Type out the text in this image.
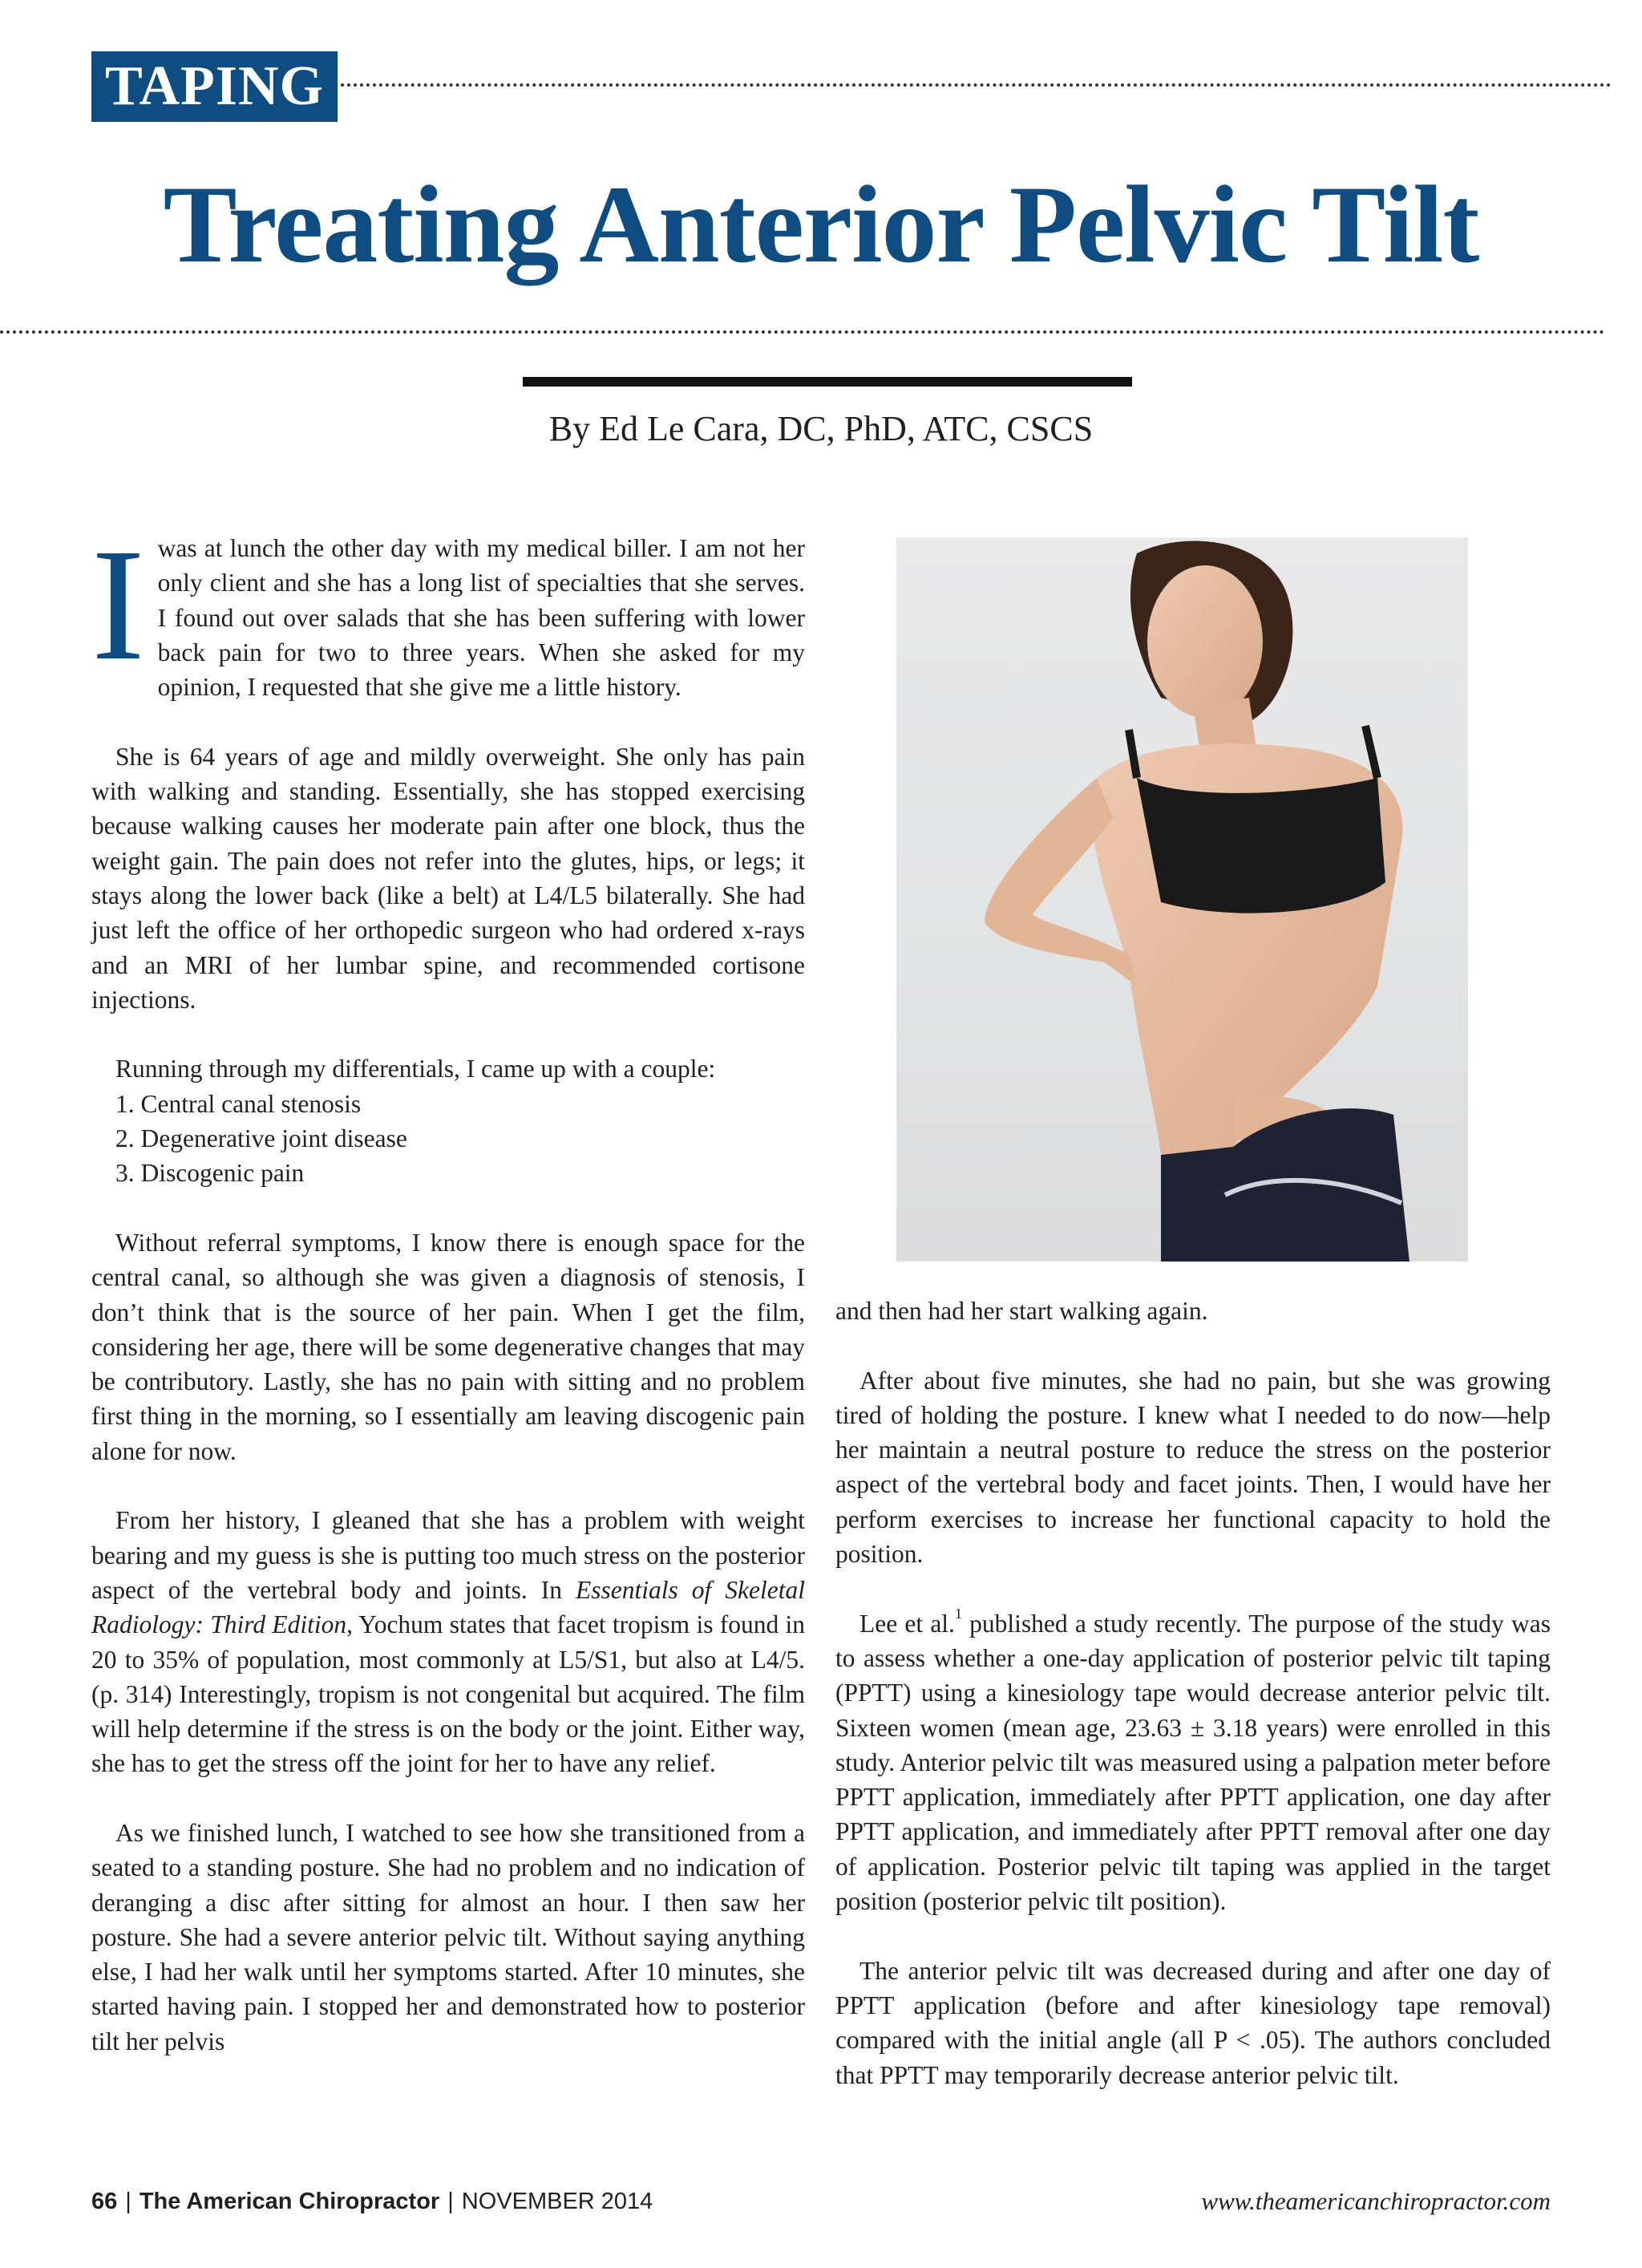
TAPING
Treating Anterior Pelvic Tilt

By Ed Le Cara, DC, PhD, ATC, CSCS

Iwas at lunch the other day with my medical biller. I am not her only client and she has a long list of specialties that she serves. I found out over salads that she has been suffering with lower back pain for two to three years. When she asked for my opinion, I requested that she give me a little history.

She is 64 years of age and mildly overweight. She only has pain with walking and standing. Essentially, she has stopped exercising because walking causes her moderate pain after one block, thus the weight gain. The pain does not refer into the glutes, hips, or legs; it stays along the lower back (like a belt) at L4/L5 bilaterally. She had just left the office of her orthopedic surgeon who had ordered x-rays and an MRI of her lumbar spine, and recommended cortisone injections.

Running through my differentials, I came up with a couple:

1. Central canal stenosis
2. Degenerative joint disease
3. Discogenic pain

Without referral symptoms, I know there is enough space for the central canal, so although she was given a diagnosis of stenosis, I don’t think that is the source of her pain. When I get the film, considering her age, there will be some degenerative changes that may be contributory. Lastly, she has no pain with sitting and no problem first thing in the morning, so I essentially am leaving discogenic pain alone for now.

From her history, I gleaned that she has a problem with weight bearing and my guess is she is putting too much stress on the posterior aspect of the vertebral body and joints. In Essentials of Skeletal Radiology: Third Edition, Yochum states that facet tropism is found in 20 to 35% of population, most commonly at L5/S1, but also at L4/5. (p. 314) Interestingly, tropism is not congenital but acquired. The film will help determine if the stress is on the body or the joint. Either way, she has to get the stress off the joint for her to have any relief.

As we finished lunch, I watched to see how she transitioned from a seated to a standing posture. She had no problem and no indication of deranging a disc after sitting for almost an hour. I then saw her posture. She had a severe anterior pelvic tilt. Without saying anything else, I had her walk until her symptoms started. After 10 minutes, she started having pain. I stopped her and demonstrated how to posterior tilt her pelvis

and then had her start walking again.

After about five minutes, she had no pain, but she was growing tired of holding the posture. I knew what I needed to do now—help her maintain a neutral posture to reduce the stress on the posterior aspect of the vertebral body and facet joints. Then, I would have her perform exercises to increase her functional capacity to hold the position.

Lee et al.$^1$ published a study recently. The purpose of the study was to assess whether a one-day application of posterior pelvic tilt taping (PPTT) using a kinesiology tape would decrease anterior pelvic tilt. Sixteen women (mean age, 23.63 ± 3.18 years) were enrolled in this study. Anterior pelvic tilt was measured using a palpation meter before PPTT application, immediately after PPTT application, one day after PPTT application, and immediately after PPTT removal after one day of application. Posterior pelvic tilt taping was applied in the target position (posterior pelvic tilt position).

The anterior pelvic tilt was decreased during and after one day of PPTT application (before and after kinesiology tape removal) compared with the initial angle (all P < .05). The authors concluded that PPTT may temporarily decrease anterior pelvic tilt.

66 | The American Chiropractor | NOVEMBER 2014	www.theamericanchiropractor.com
